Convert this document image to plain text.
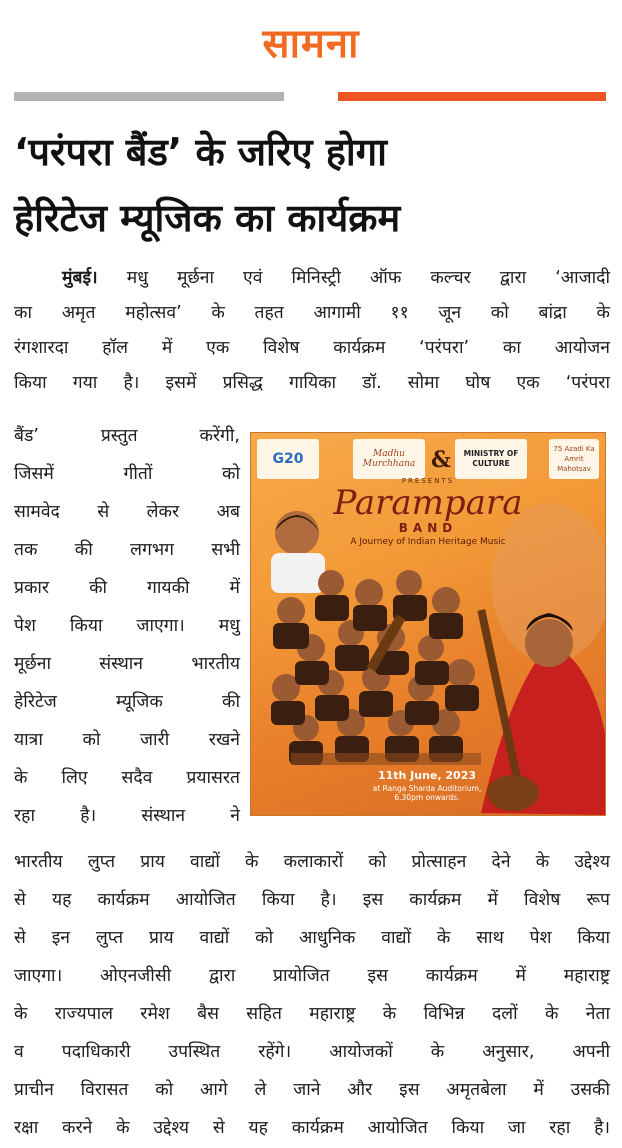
सामना
‘परंपरा बैंड’ के जरिए होगा
हेरिटेज म्यूजिक का कार्यक्रम
मुंबई। मधु मूर्छना एवं मिनिस्ट्री ऑफ कल्चर द्वारा ‘आजादी
का अमृत महोत्सव’ के तहत आगामी ११ जून को बांद्रा के
रंगशारदा हॉल में एक विशेष कार्यक्रम ‘परंपरा’ का आयोजन
किया गया है। इसमें प्रसिद्ध गायिका डॉ. सोमा घोष एक ‘परंपरा
बैंड’ प्रस्तुत करेंगी,
जिसमें गीतों को
सामवेद से लेकर अब
तक की लगभग सभी
प्रकार की गायकी में
पेश किया जाएगा। मधु
मूर्छना संस्थान भारतीय
हेरिटेज म्यूजिक की
यात्रा को जारी रखने
के लिए सदैव प्रयासरत
रहा है। संस्थान ने
भारतीय लुप्त प्राय वाद्यों के कलाकारों को प्रोत्साहन देने के उद्देश्य
से यह कार्यक्रम आयोजित किया है। इस कार्यक्रम में विशेष रूप
से इन लुप्त प्राय वाद्यों को आधुनिक वाद्यों के साथ पेश किया
जाएगा। ओएनजीसी द्वारा प्रायोजित इस कार्यक्रम में महाराष्ट्र
के राज्यपाल रमेश बैस सहित महाराष्ट्र के विभिन्न दलों के नेता
व पदाधिकारी उपस्थित रहेंगे। आयोजकों के अनुसार, अपनी
प्राचीन विरासत को आगे ले जाने और इस अमृतबेला में उसकी
रक्षा करने के उद्देश्य से यह कार्यक्रम आयोजित किया जा रहा है।
G20	Madhu Murchhana &	MINISTRY OF CULTURE
75 Azadi Ka Amrit Mahotsav
PRESENTS
Parampara
BAND
A Journey of Indian Heritage Music
11th June, 2023
at Ranga Sharda Auditorium,
6.30pm onwards.
